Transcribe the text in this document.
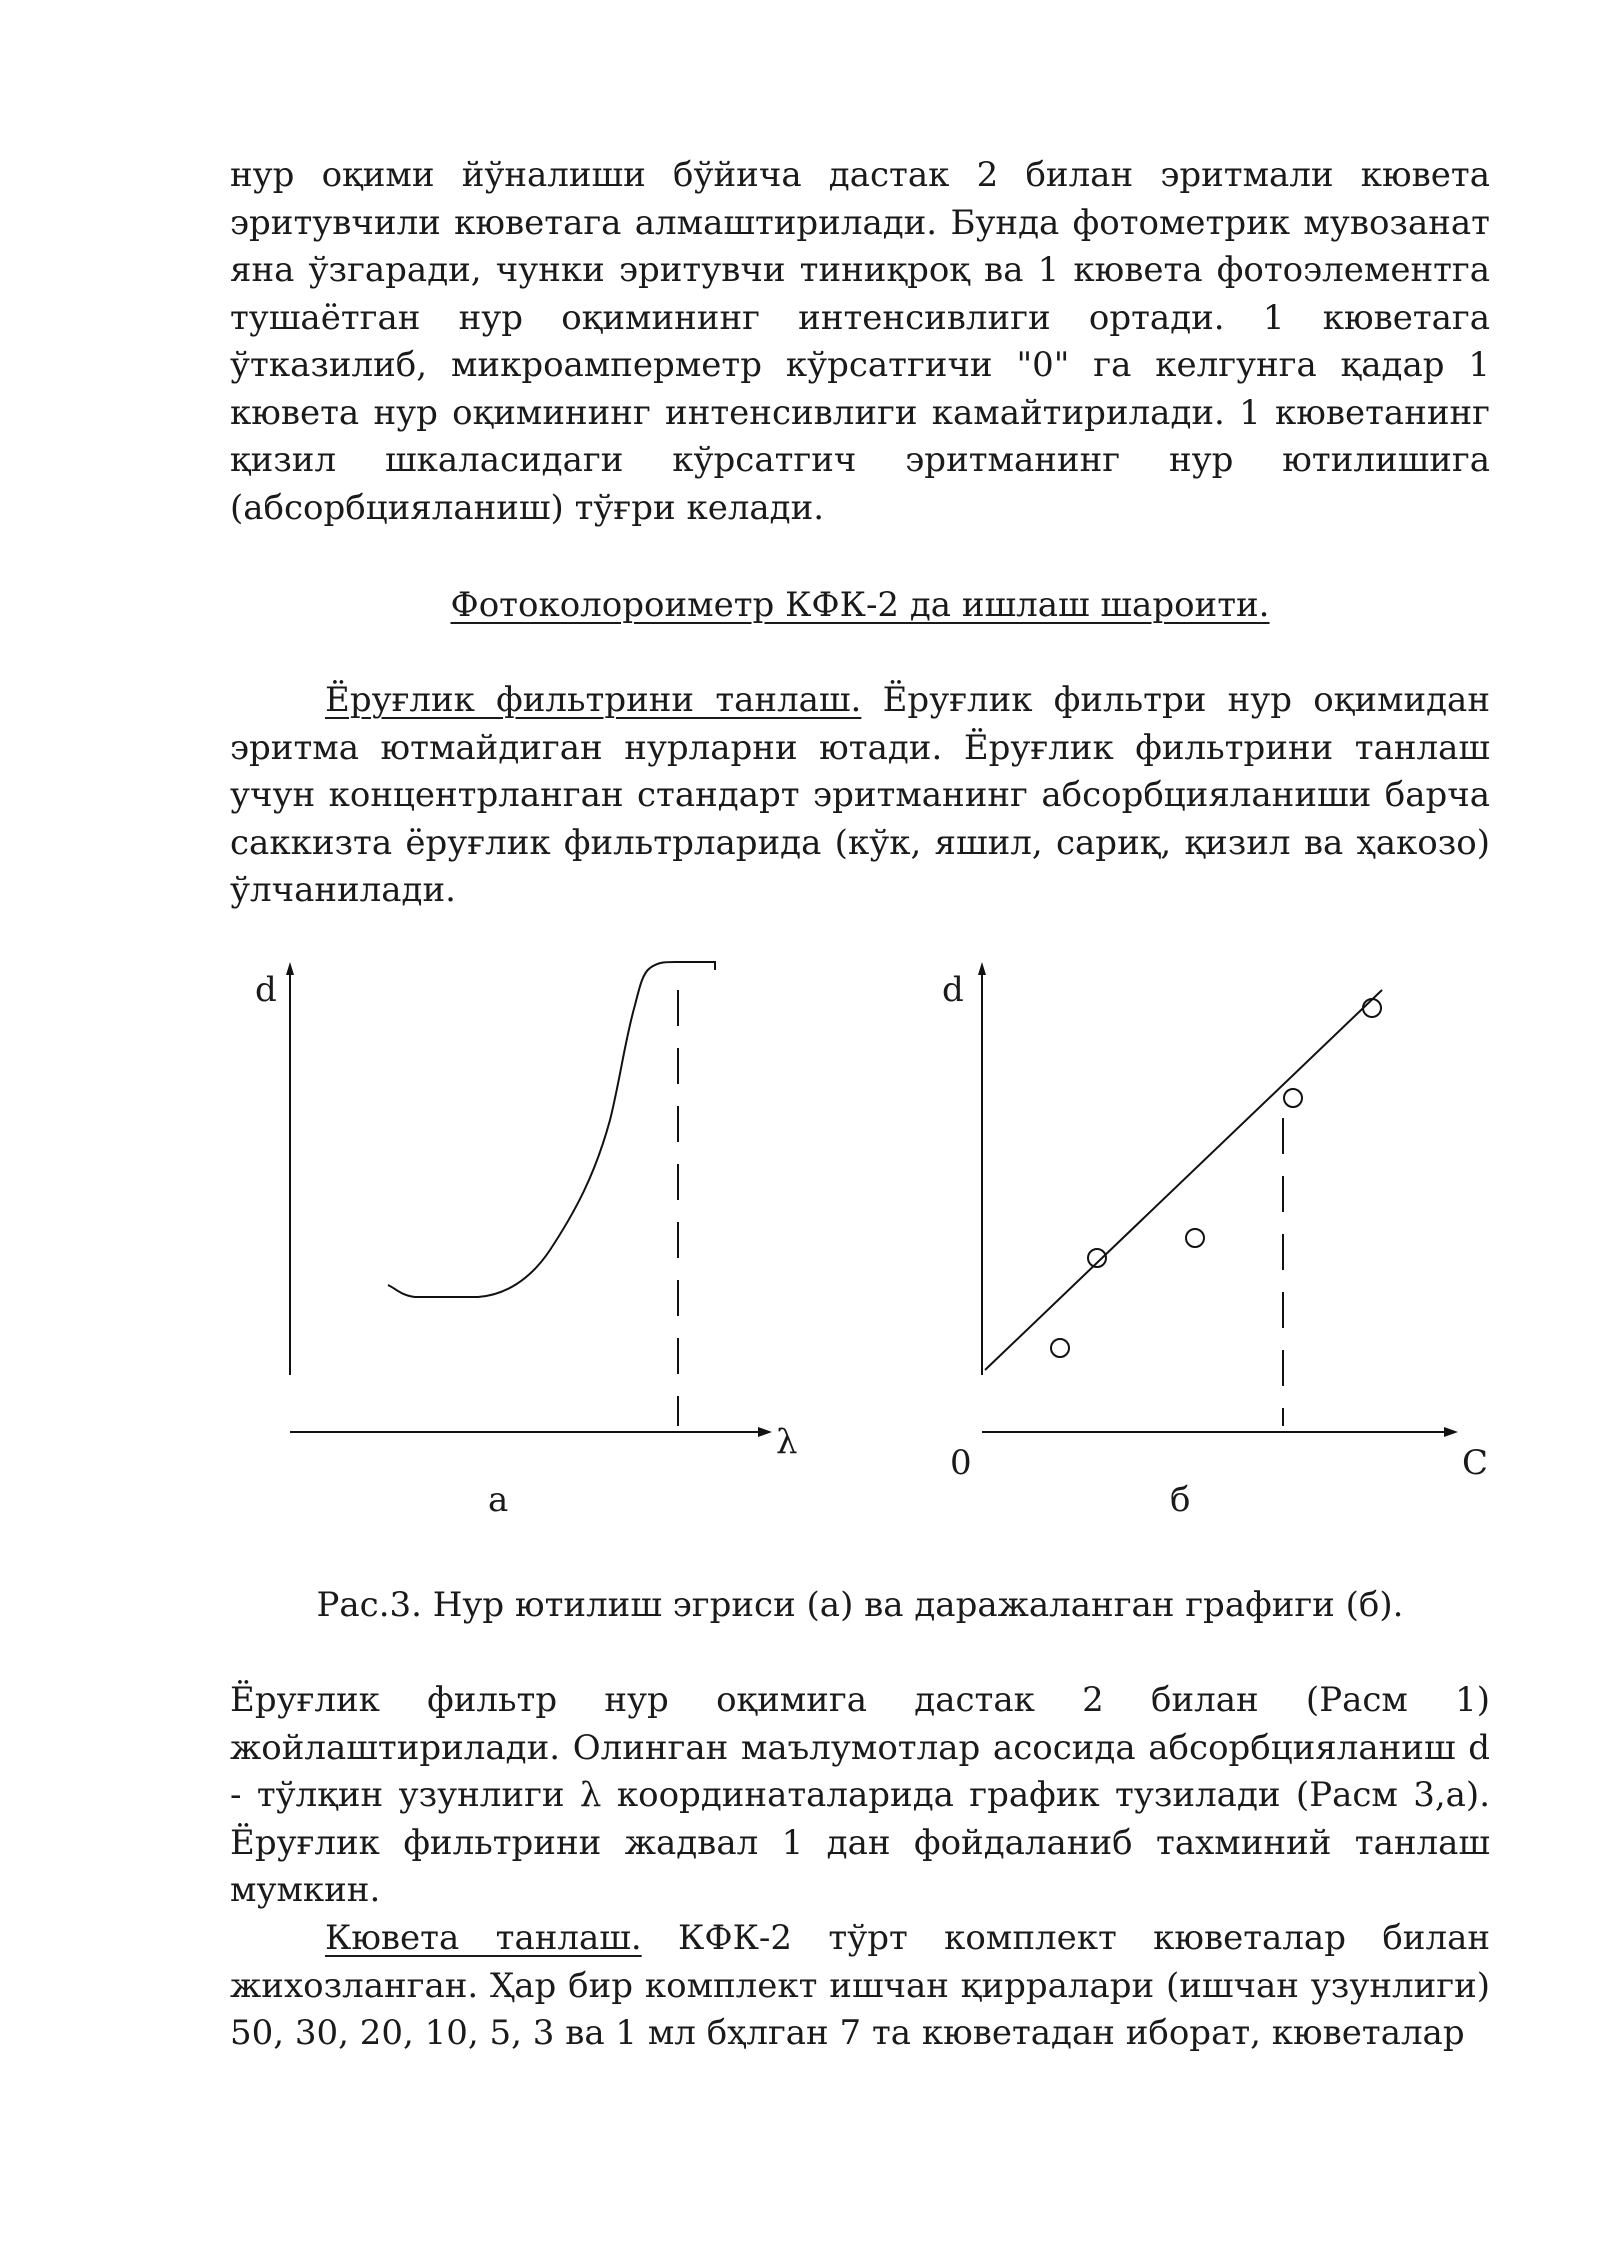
нур оқими йўналиши бўйича дастак 2 билан эритмали кювета эритувчили кюветага алмаштирилади. Бунда фотометрик мувозанат яна ўзгаради, чунки эритувчи тиниқроқ ва 1 кювета фотоэлементга тушаётган нур оқимининг интенсивлиги ортади. 1 кюветага ўтказилиб, микроамперметр кўрсатгичи "0" га келгунга қадар 1 кювета нур оқимининг интенсивлиги камайтирилади. 1 кюветанинг қизил шкаласидаги кўрсатгич эритманинг нур ютилишига (абсорбцияланиш) тўғри келади.

Фотоколороиметр КФК-2 да ишлаш шароити.

Ёруғлик фильтрини танлаш. Ёруғлик фильтри нур оқимидан эритма ютмайдиган нурларни ютади. Ёруғлик фильтрини танлаш учун концентрланган стандарт эритманинг абсорбцияланиши барча саккизта ёруғлик фильтрларида (кўк, яшил, сариқ, қизил ва ҳакозо) ўлчанилади.

d
λ
а
d
0	C
б
Рас.3. Нур ютилиш эгриси (а) ва даражаланган графиги (б).

Ёруғлик фильтр нур оқимига дастак 2 билан (Расм 1) жойлаштирилади. Олинган маълумотлар асосида абсорбцияланиш d - тўлқин узунлиги λ координаталарида график тузилади (Расм 3,а). Ёруғлик фильтрини жадвал 1 дан фойдаланиб тахминий танлаш мумкин.

Кювета танлаш. КФК-2 тўрт комплект кюветалар билан жихозланган. Ҳар бир комплект ишчан қирралари (ишчан узунлиги) 50, 30, 20, 10, 5, 3 ва 1 мл бҳлган 7 та кюветадан иборат, кюветалар
